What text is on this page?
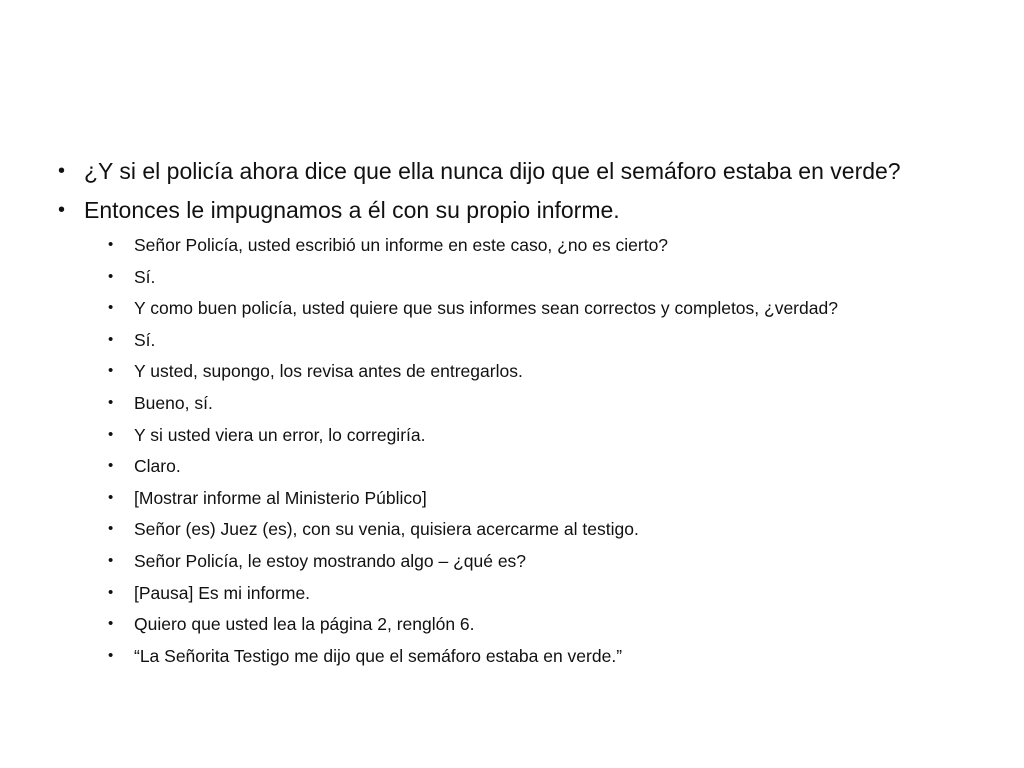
• ¿Y si el policía ahora dice que ella nunca dijo que el semáforo estaba en verde?
• Entonces le impugnamos a él con su propio informe.
• Señor Policía, usted escribió un informe en este caso, ¿no es cierto?
• Sí.
• Y como buen policía, usted quiere que sus informes sean correctos y completos, ¿verdad?
• Sí.
• Y usted, supongo, los revisa antes de entregarlos.
• Bueno, sí.
• Y si usted viera un error, lo corregiría.
• Claro.
• [Mostrar informe al Ministerio Público]
• Señor (es) Juez (es), con su venia, quisiera acercarme al testigo.
• Señor Policía, le estoy mostrando algo – ¿qué es?
• [Pausa] Es mi informe.
• Quiero que usted lea la página 2, renglón 6.
• “La Señorita Testigo me dijo que el semáforo estaba en verde.”
